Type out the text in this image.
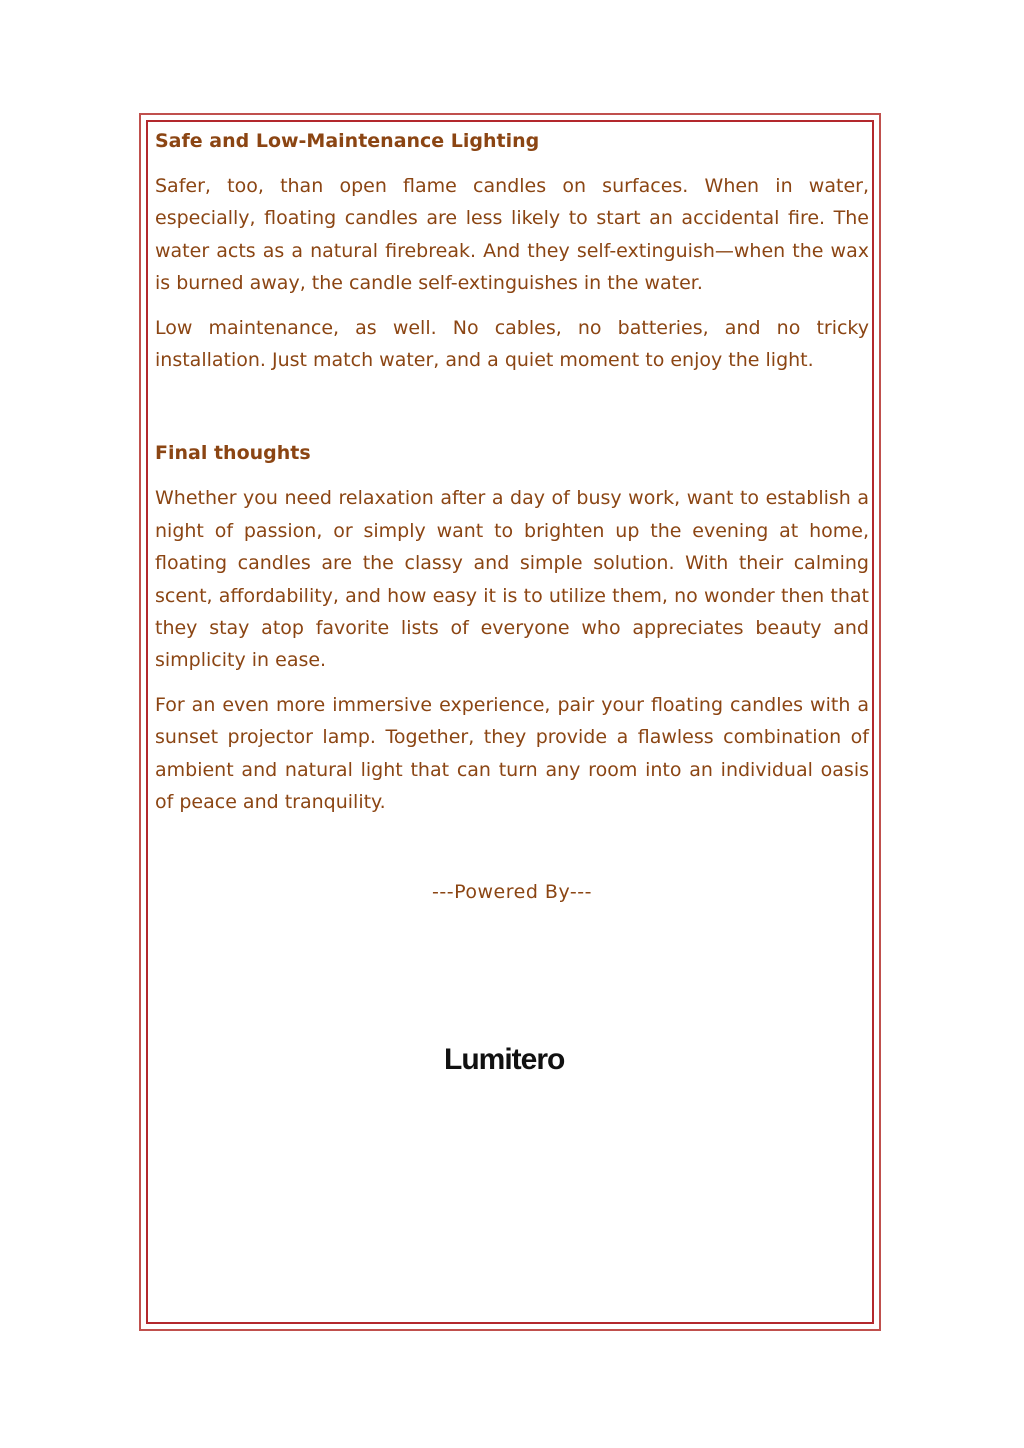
Safe and Low-Maintenance Lighting

Safer, too, than open flame candles on surfaces. When in water, especially, floating candles are less likely to start an accidental fire. The water acts as a natural firebreak. And they self-extinguish—when the wax is burned away, the candle self-extinguishes in the water.

Low maintenance, as well. No cables, no batteries, and no tricky installation. Just match water, and a quiet moment to enjoy the light.

Final thoughts

Whether you need relaxation after a day of busy work, want to establish a night of passion, or simply want to brighten up the evening at home, floating candles are the classy and simple solution. With their calming scent, affordability, and how easy it is to utilize them, no wonder then that they stay atop favorite lists of everyone who appreciates beauty and simplicity in ease.

For an even more immersive experience, pair your floating candles with a sunset projector lamp. Together, they provide a flawless combination of ambient and natural light that can turn any room into an individual oasis of peace and tranquility.

---Powered By---
Lumitero
